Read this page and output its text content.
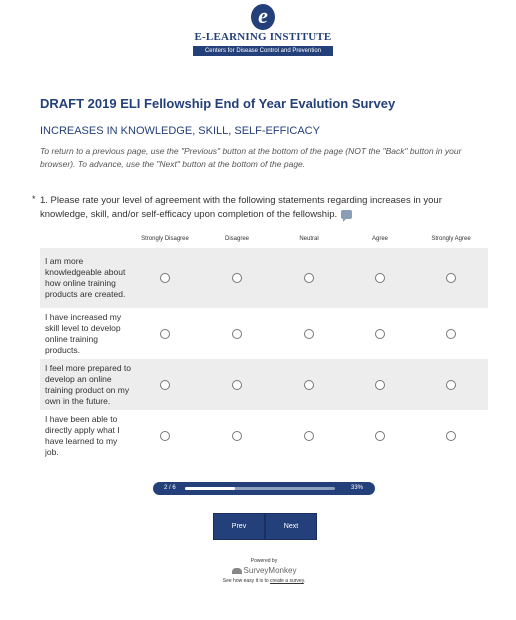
e
E-LEARNING INSTITUTE
Centers for Disease Control and Prevention
DRAFT 2019 ELI Fellowship End of Year Evalution Survey
INCREASES IN KNOWLEDGE, SKILL, SELF-EFFICACY
To return to a previous page, use the "Previous" button at the bottom of the page (NOT the "Back" button in your browser). To advance, use the "Next" button at the bottom of the page.
* 1. Please rate your level of agreement with the following statements regarding increases in your knowledge, skill, and/or self-efficacy upon completion of the fellowship.
Strongly Disagree	Disagree	Neutral	Agree	Strongly Agree
I am more knowledgeable about how online training products are created.
I have increased my skill level to develop online training products.
I feel more prepared to develop an online training product on my own in the future.
I have been able to directly apply what I have learned to my job.
2 / 6	33%
Prev	Next
Powered by
SurveyMonkey
See how easy it is to create a survey.
